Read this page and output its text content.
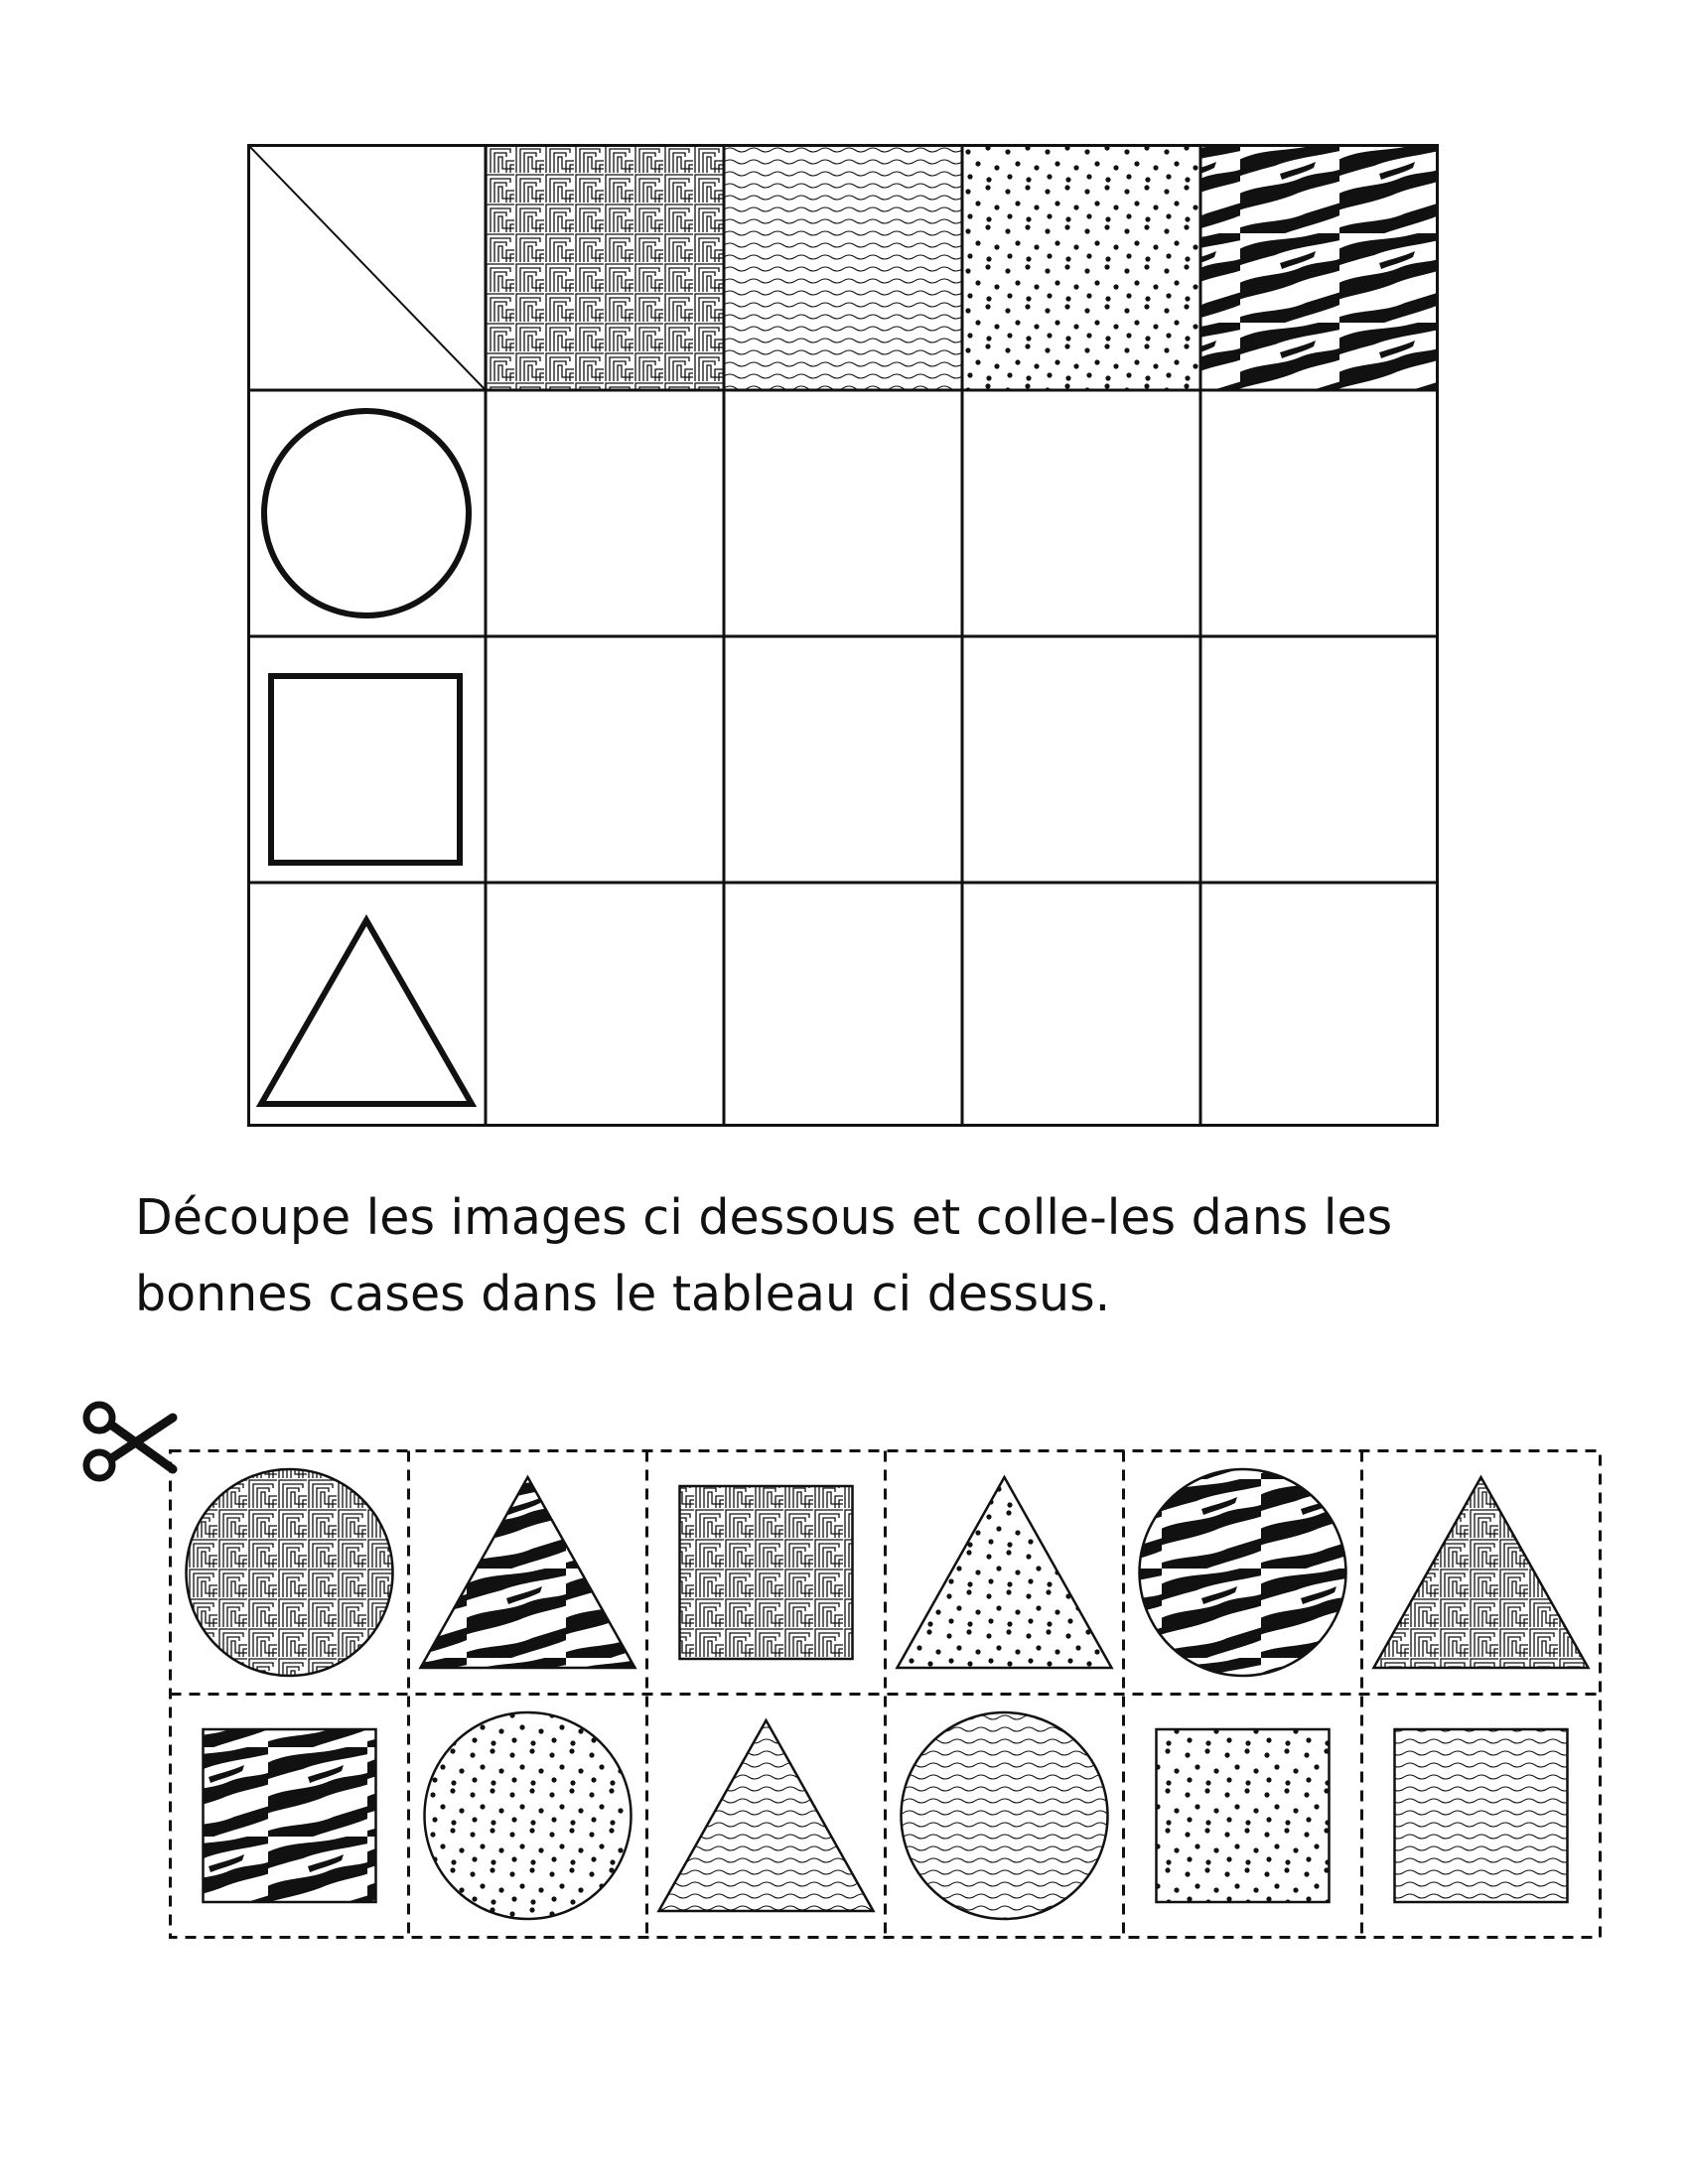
Découpe les images ci dessous et colle-les dans les
bonnes cases dans le tableau ci dessus.
